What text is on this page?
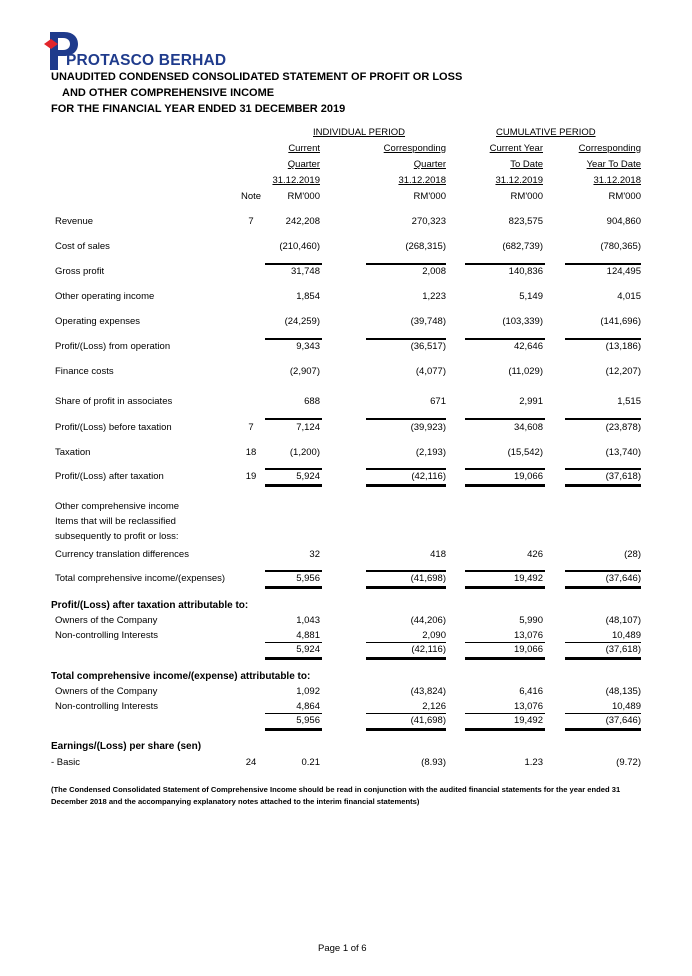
PROTASCO BERHAD
UNAUDITED CONDENSED CONSOLIDATED STATEMENT OF PROFIT OR LOSS
AND OTHER COMPREHENSIVE INCOME
FOR THE FINANCIAL YEAR ENDED 31 DECEMBER 2019
INDIVIDUAL PERIOD	CUMULATIVE PERIOD
Current	Corresponding	Current Year	Corresponding
Quarter	Quarter	To Date	Year To Date
31.12.2019	31.12.2018	31.12.2019	31.12.2018
Note	RM'000	RM'000	RM'000	RM'000
Revenue	7	242,208	270,323	823,575	904,860
Cost of sales	(210,460)	(268,315)	(682,739)	(780,365)
Gross profit	31,748	2,008	140,836	124,495
Other operating income	1,854	1,223	5,149	4,015
Operating expenses	(24,259)	(39,748)	(103,339)	(141,696)
Profit/(Loss) from operation	9,343	(36,517)	42,646	(13,186)
Finance costs	(2,907)	(4,077)	(11,029)	(12,207)
Share of profit in associates	688	671	2,991	1,515
Profit/(Loss) before taxation	7	7,124	(39,923)	34,608	(23,878)
Taxation	18	(1,200)	(2,193)	(15,542)	(13,740)
Profit/(Loss) after taxation	19	5,924	(42,116)	19,066	(37,618)
Other comprehensive income
Items that will be reclassified
subsequently to profit or loss:
Currency translation differences	32	418	426	(28)
Total comprehensive income/(expenses)	5,956	(41,698)	19,492	(37,646)
Profit/(Loss) after taxation attributable to:
Owners of the Company	1,043	(44,206)	5,990	(48,107)
Non-controlling Interests	4,881	2,090	13,076	10,489
5,924	(42,116)	19,066	(37,618)
Total comprehensive income/(expense) attributable to:
Owners of the Company	1,092	(43,824)	6,416	(48,135)
Non-controlling Interests	4,864	2,126	13,076	10,489
5,956	(41,698)	19,492	(37,646)
Earnings/(Loss) per share (sen)
- Basic	24	0.21	(8.93)	1.23	(9.72)
(The Condensed Consolidated Statement of Comprehensive Income should be read in conjunction with the audited financial statements for the year ended 31 December 2018 and the accompanying explanatory notes attached to the interim financial statements)
Page 1 of 6
